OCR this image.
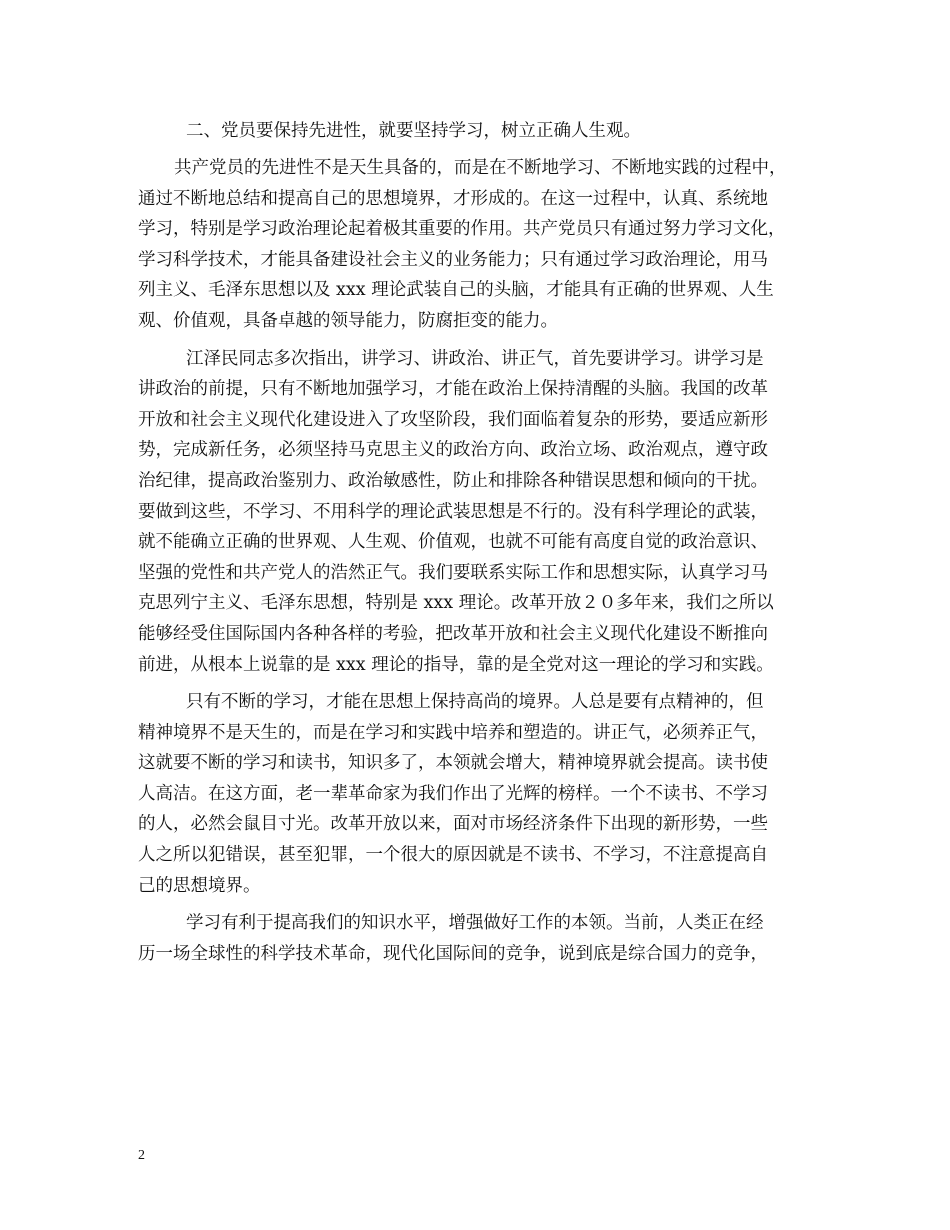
二、党员要保持先进性，就要坚持学习，树立正确人生观。
共产党员的先进性不是天生具备的，而是在不断地学习、不断地实践的过程中，
通过不断地总结和提高自己的思想境界，才形成的。在这一过程中，认真、系统地
学习，特别是学习政治理论起着极其重要的作用。共产党员只有通过努力学习文化，
学习科学技术，才能具备建设社会主义的业务能力；只有通过学习政治理论，用马
列主义、毛泽东思想以及 xxx 理论武装自己的头脑，才能具有正确的世界观、人生
观、价值观，具备卓越的领导能力，防腐拒变的能力。
江泽民同志多次指出，讲学习、讲政治、讲正气，首先要讲学习。讲学习是
讲政治的前提，只有不断地加强学习，才能在政治上保持清醒的头脑。我国的改革
开放和社会主义现代化建设进入了攻坚阶段，我们面临着复杂的形势，要适应新形
势，完成新任务，必须坚持马克思主义的政治方向、政治立场、政治观点，遵守政
治纪律，提高政治鉴别力、政治敏感性，防止和排除各种错误思想和倾向的干扰。
要做到这些，不学习、不用科学的理论武装思想是不行的。没有科学理论的武装，
就不能确立正确的世界观、人生观、价值观，也就不可能有高度自觉的政治意识、
坚强的党性和共产党人的浩然正气。我们要联系实际工作和思想实际，认真学习马
克思列宁主义、毛泽东思想，特别是 xxx 理论。改革开放２０多年来，我们之所以
能够经受住国际国内各种各样的考验，把改革开放和社会主义现代化建设不断推向
前进，从根本上说靠的是 xxx 理论的指导，靠的是全党对这一理论的学习和实践。
只有不断的学习，才能在思想上保持高尚的境界。人总是要有点精神的，但
精神境界不是天生的，而是在学习和实践中培养和塑造的。讲正气，必须养正气，
这就要不断的学习和读书，知识多了，本领就会增大，精神境界就会提高。读书使
人高洁。在这方面，老一辈革命家为我们作出了光辉的榜样。一个不读书、不学习
的人，必然会鼠目寸光。改革开放以来，面对市场经济条件下出现的新形势，一些
人之所以犯错误，甚至犯罪，一个很大的原因就是不读书、不学习，不注意提高自
己的思想境界。
学习有利于提高我们的知识水平，增强做好工作的本领。当前，人类正在经
历一场全球性的科学技术革命，现代化国际间的竞争，说到底是综合国力的竞争，
2
